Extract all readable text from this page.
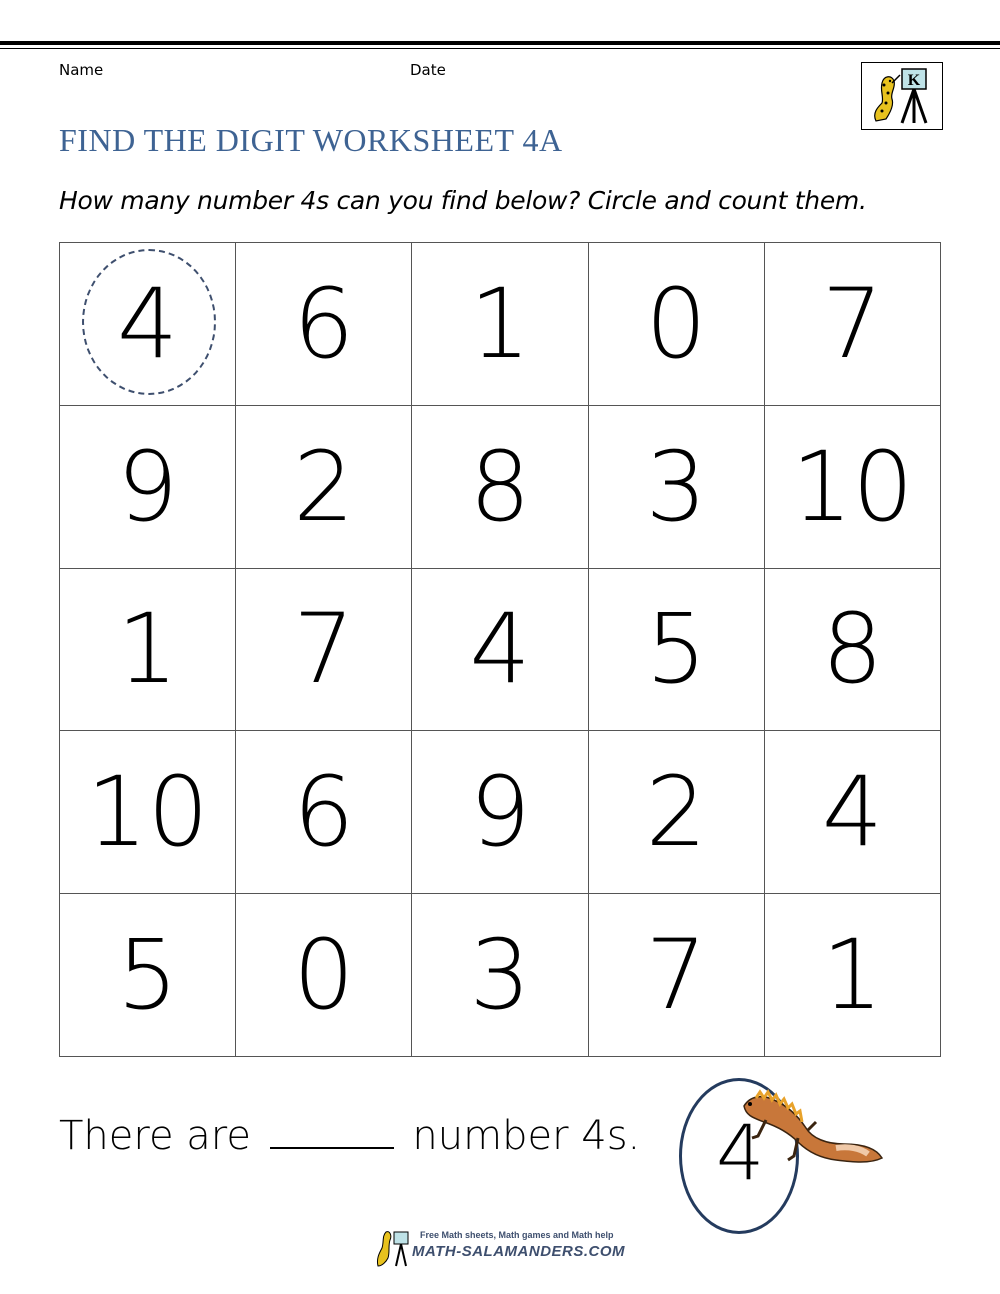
Name	Date
K
FIND THE DIGIT WORKSHEET 4A
How many number 4s can you find below? Circle and count them.
4 6 1 0 7
9 2 8 3 10
1 7 4 5 8
10 6 9 2 4
5 0 3 7 1
There are	number 4s. 4
Free Math sheets, Math games and Math help
MATH-SALAMANDERS.COM
